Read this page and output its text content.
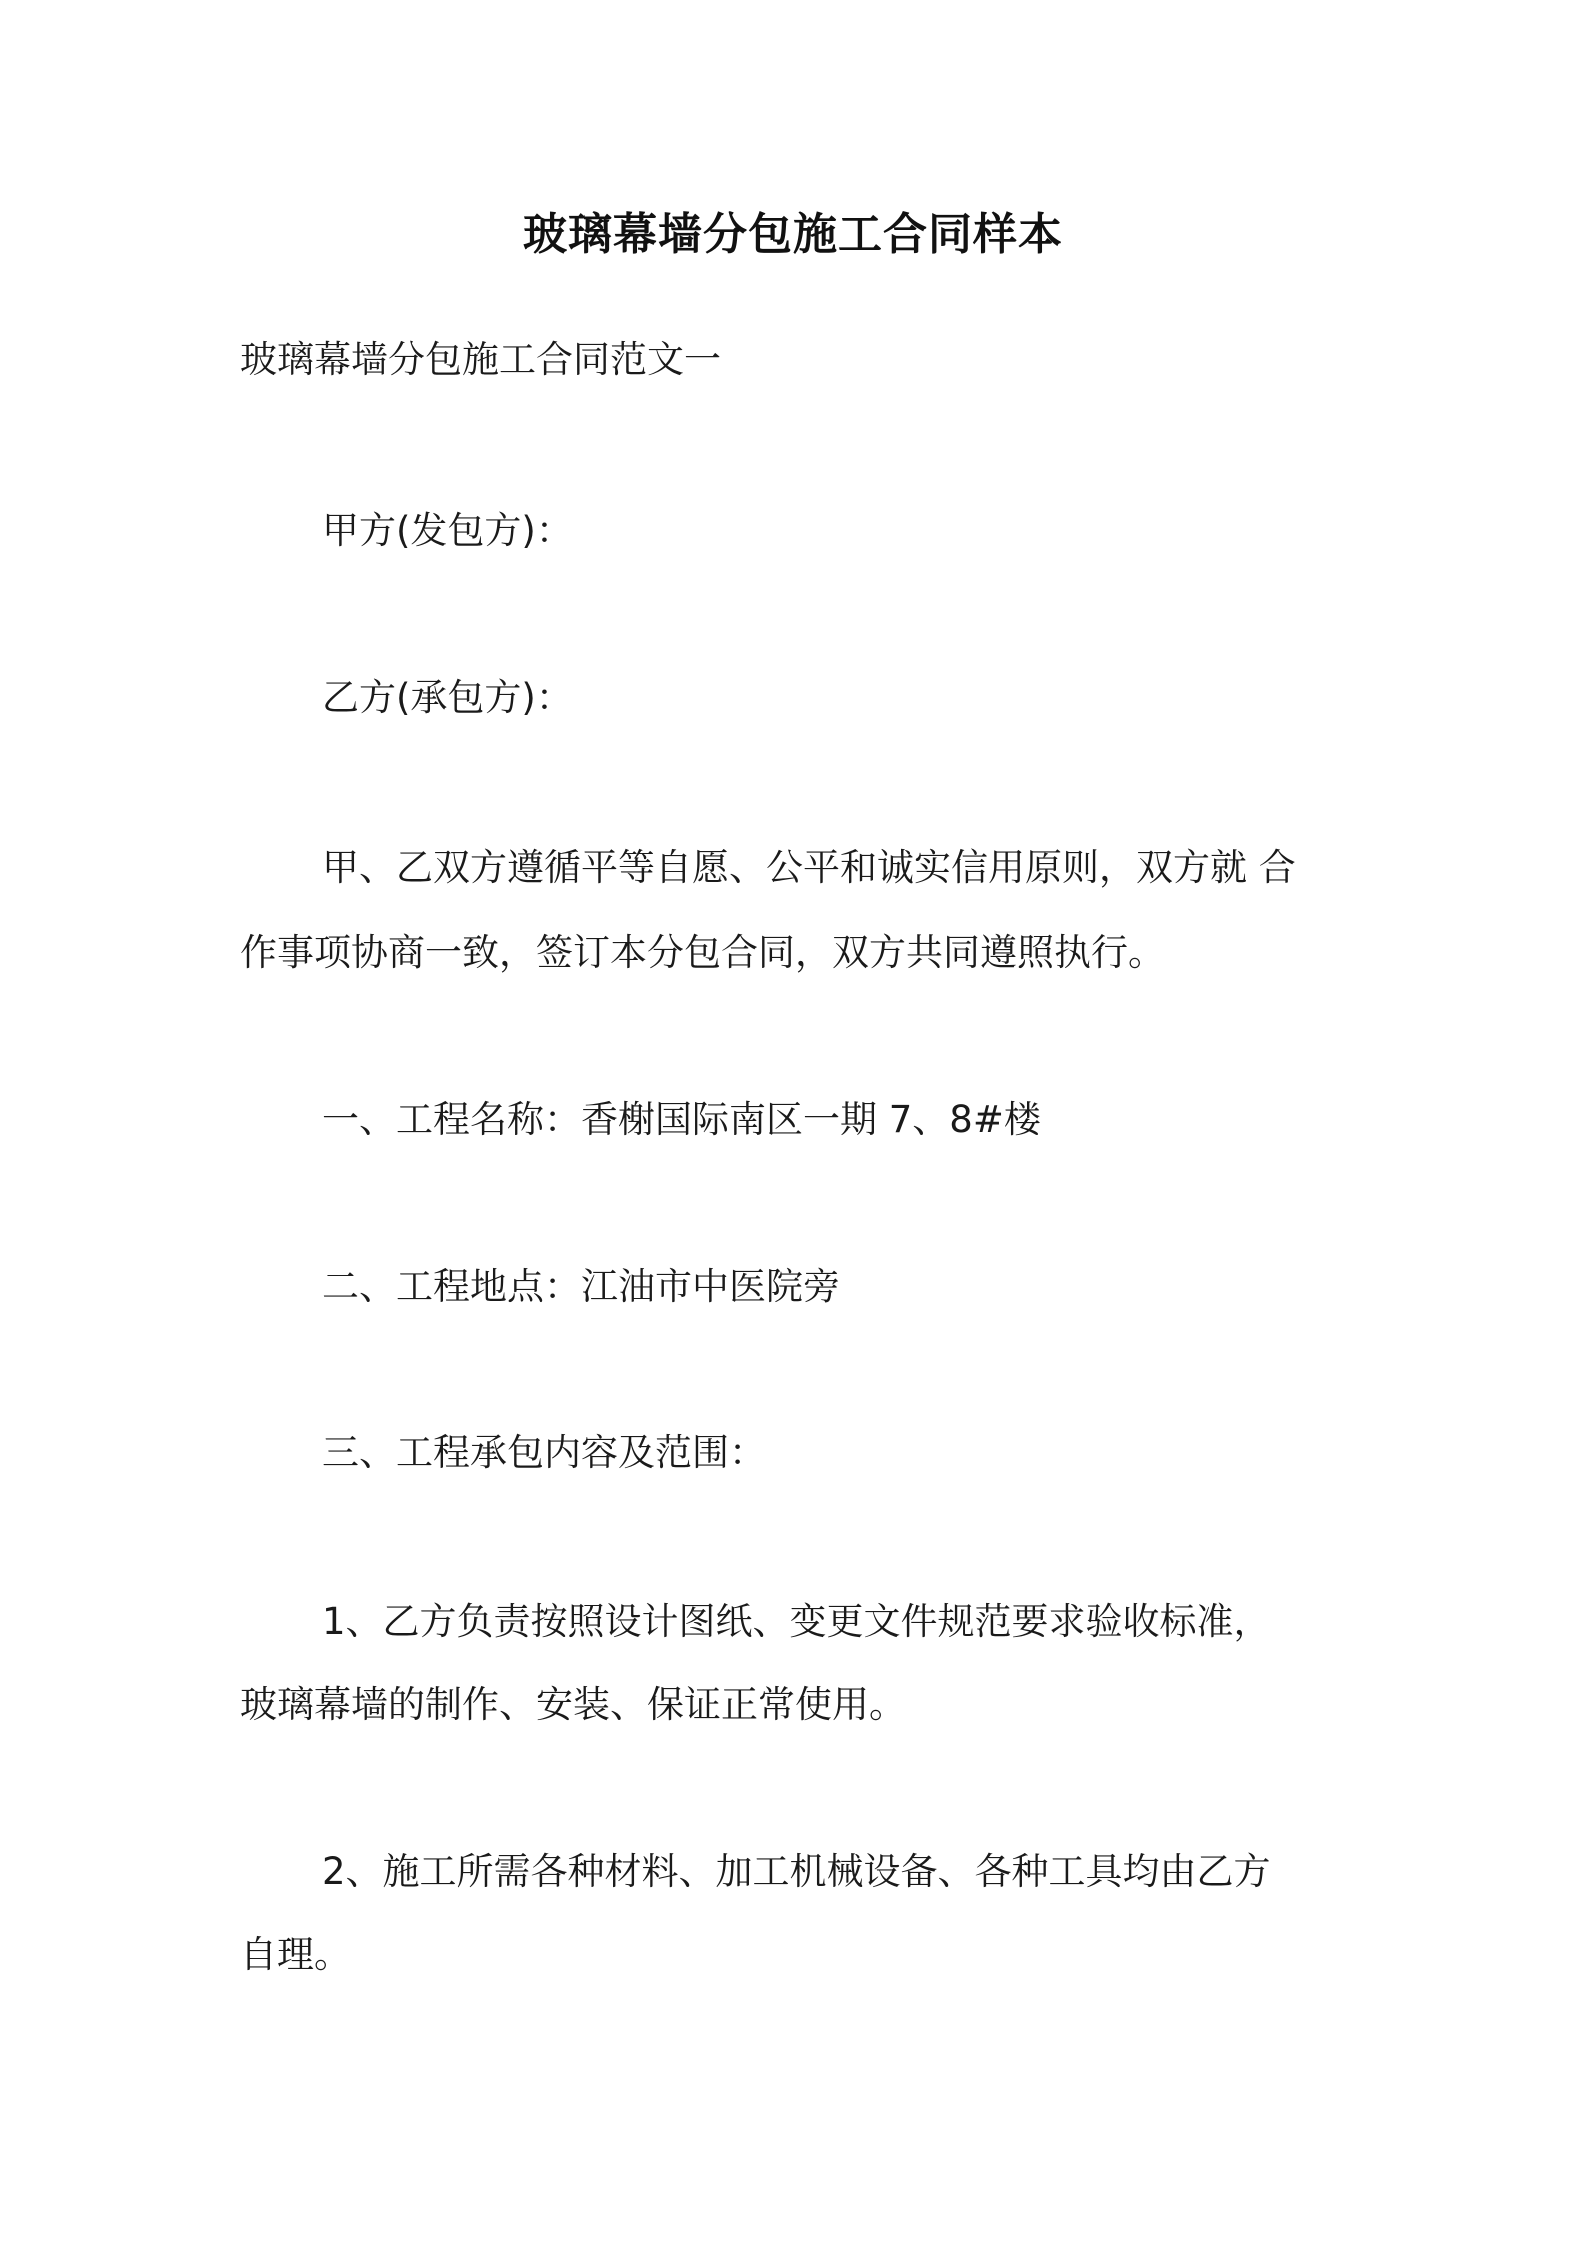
玻璃幕墙分包施工合同样本
玻璃幕墙分包施工合同范文一
甲方(发包方)：
乙方(承包方)：
甲、乙双方遵循平等自愿、公平和诚实信用原则，双方就 合
作事项协商一致，签订本分包合同，双方共同遵照执行。
一、工程名称：香榭国际南区一期 7、8#楼
二、工程地点：江油市中医院旁
三、工程承包内容及范围：
1、乙方负责按照设计图纸、变更文件规范要求验收标准，
玻璃幕墙的制作、安装、保证正常使用。
2、施工所需各种材料、加工机械设备、各种工具均由乙方
自理。
